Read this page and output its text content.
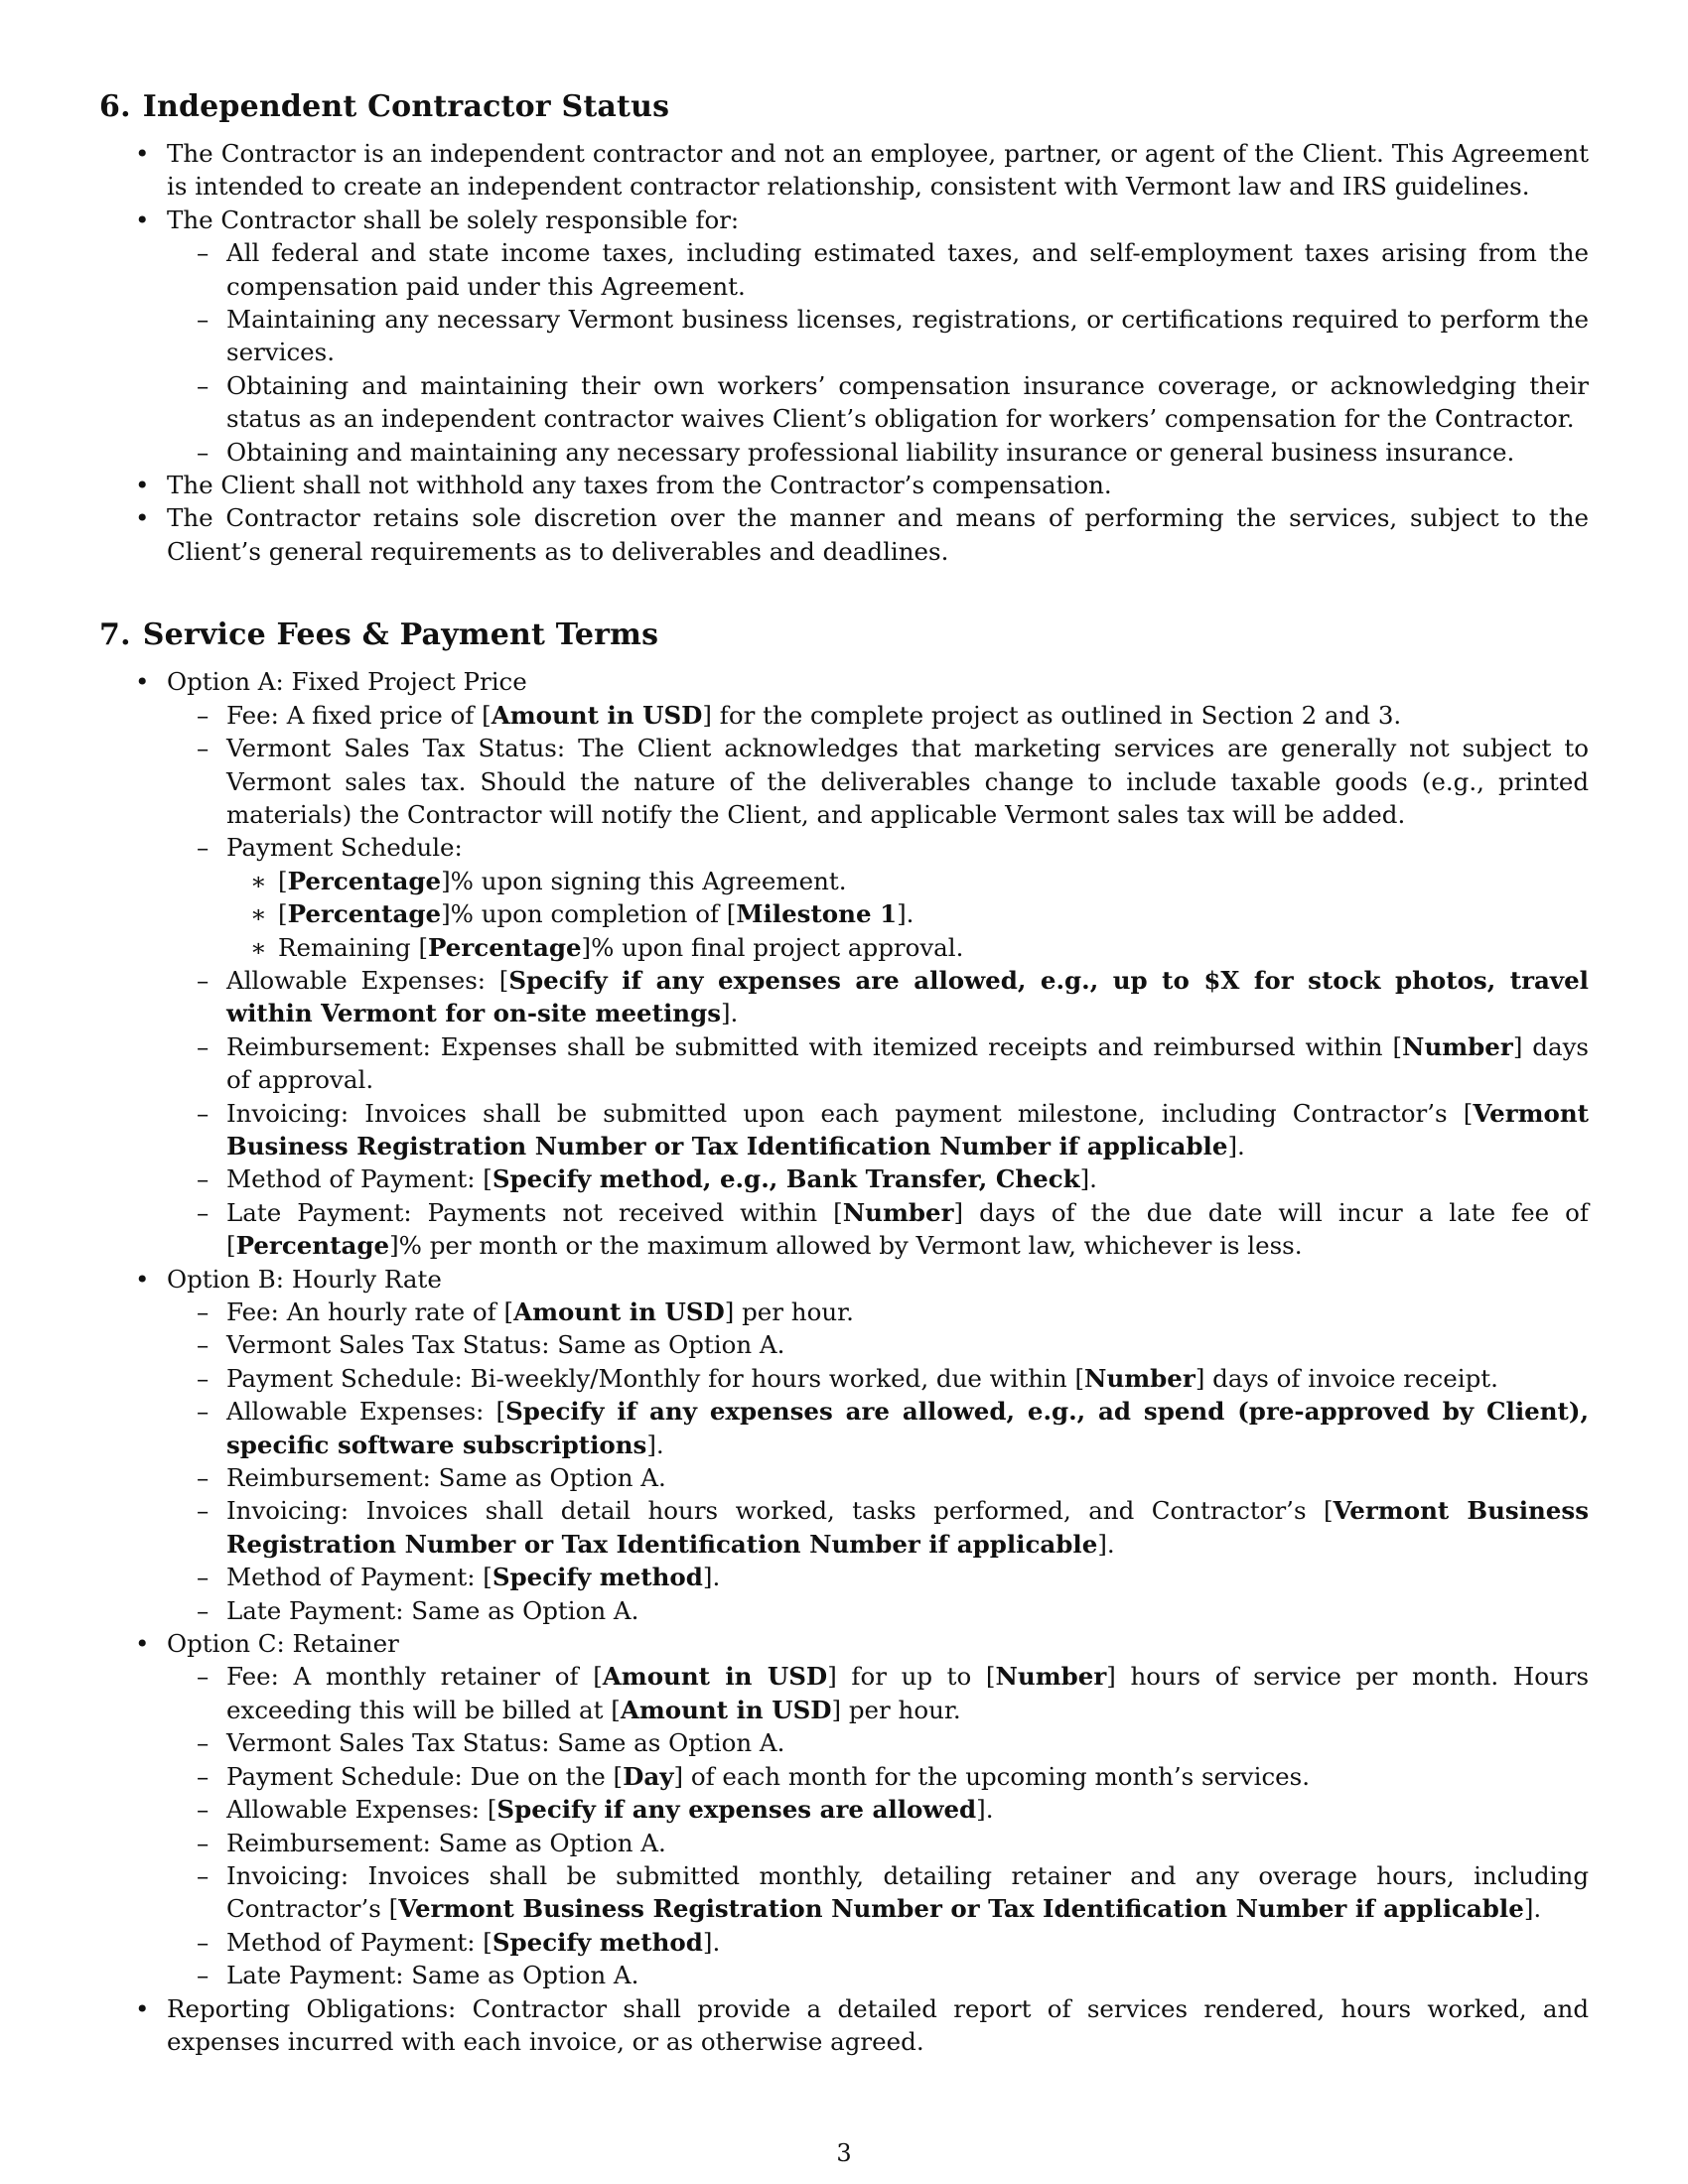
6. Independent Contractor Status
• The Contractor is an independent contractor and not an employee, partner, or agent of the Client. This Agreement is intended to create an independent contractor relationship, consistent with Vermont law and IRS guidelines.
• The Contractor shall be solely responsible for:
– All federal and state income taxes, including estimated taxes, and self-employment taxes arising from the compensation paid under this Agreement.
– Maintaining any necessary Vermont business licenses, registrations, or certifications required to perform the services.
– Obtaining and maintaining their own workers’ compensation insurance coverage, or acknowledging their status as an independent contractor waives Client’s obligation for workers’ compensation for the Contractor.
– Obtaining and maintaining any necessary professional liability insurance or general business insurance.
• The Client shall not withhold any taxes from the Contractor’s compensation.
• The Contractor retains sole discretion over the manner and means of performing the services, subject to the Client’s general requirements as to deliverables and deadlines.
7. Service Fees & Payment Terms
• Option A: Fixed Project Price
– Fee: A fixed price of [Amount in USD] for the complete project as outlined in Section 2 and 3.
– Vermont Sales Tax Status: The Client acknowledges that marketing services are generally not subject to Vermont sales tax. Should the nature of the deliverables change to include taxable goods (e.g., printed materials) the Contractor will notify the Client, and applicable Vermont sales tax will be added.
– Payment Schedule:
∗ [Percentage]% upon signing this Agreement.
∗ [Percentage]% upon completion of [Milestone 1].
∗ Remaining [Percentage]% upon final project approval.
– Allowable Expenses: [Specify if any expenses are allowed, e.g., up to $X for stock photos, travel within Vermont for on-site meetings].
– Reimbursement: Expenses shall be submitted with itemized receipts and reimbursed within [Number] days of approval.
– Invoicing: Invoices shall be submitted upon each payment milestone, including Contractor’s [Vermont Business Registration Number or Tax Identification Number if applicable].
– Method of Payment: [Specify method, e.g., Bank Transfer, Check].
– Late Payment: Payments not received within [Number] days of the due date will incur a late fee of [Percentage]% per month or the maximum allowed by Vermont law, whichever is less.
• Option B: Hourly Rate
– Fee: An hourly rate of [Amount in USD] per hour.
– Vermont Sales Tax Status: Same as Option A.
– Payment Schedule: Bi-weekly/Monthly for hours worked, due within [Number] days of invoice receipt.
– Allowable Expenses: [Specify if any expenses are allowed, e.g., ad spend (pre-approved by Client), specific software subscriptions].
– Reimbursement: Same as Option A.
– Invoicing: Invoices shall detail hours worked, tasks performed, and Contractor’s [Vermont Business Registration Number or Tax Identification Number if applicable].
– Method of Payment: [Specify method].
– Late Payment: Same as Option A.
• Option C: Retainer
– Fee: A monthly retainer of [Amount in USD] for up to [Number] hours of service per month. Hours exceeding this will be billed at [Amount in USD] per hour.
– Vermont Sales Tax Status: Same as Option A.
– Payment Schedule: Due on the [Day] of each month for the upcoming month’s services.
– Allowable Expenses: [Specify if any expenses are allowed].
– Reimbursement: Same as Option A.
– Invoicing: Invoices shall be submitted monthly, detailing retainer and any overage hours, including Contractor’s [Vermont Business Registration Number or Tax Identification Number if applicable].
– Method of Payment: [Specify method].
– Late Payment: Same as Option A.
• Reporting Obligations: Contractor shall provide a detailed report of services rendered, hours worked, and expenses incurred with each invoice, or as otherwise agreed.
3
